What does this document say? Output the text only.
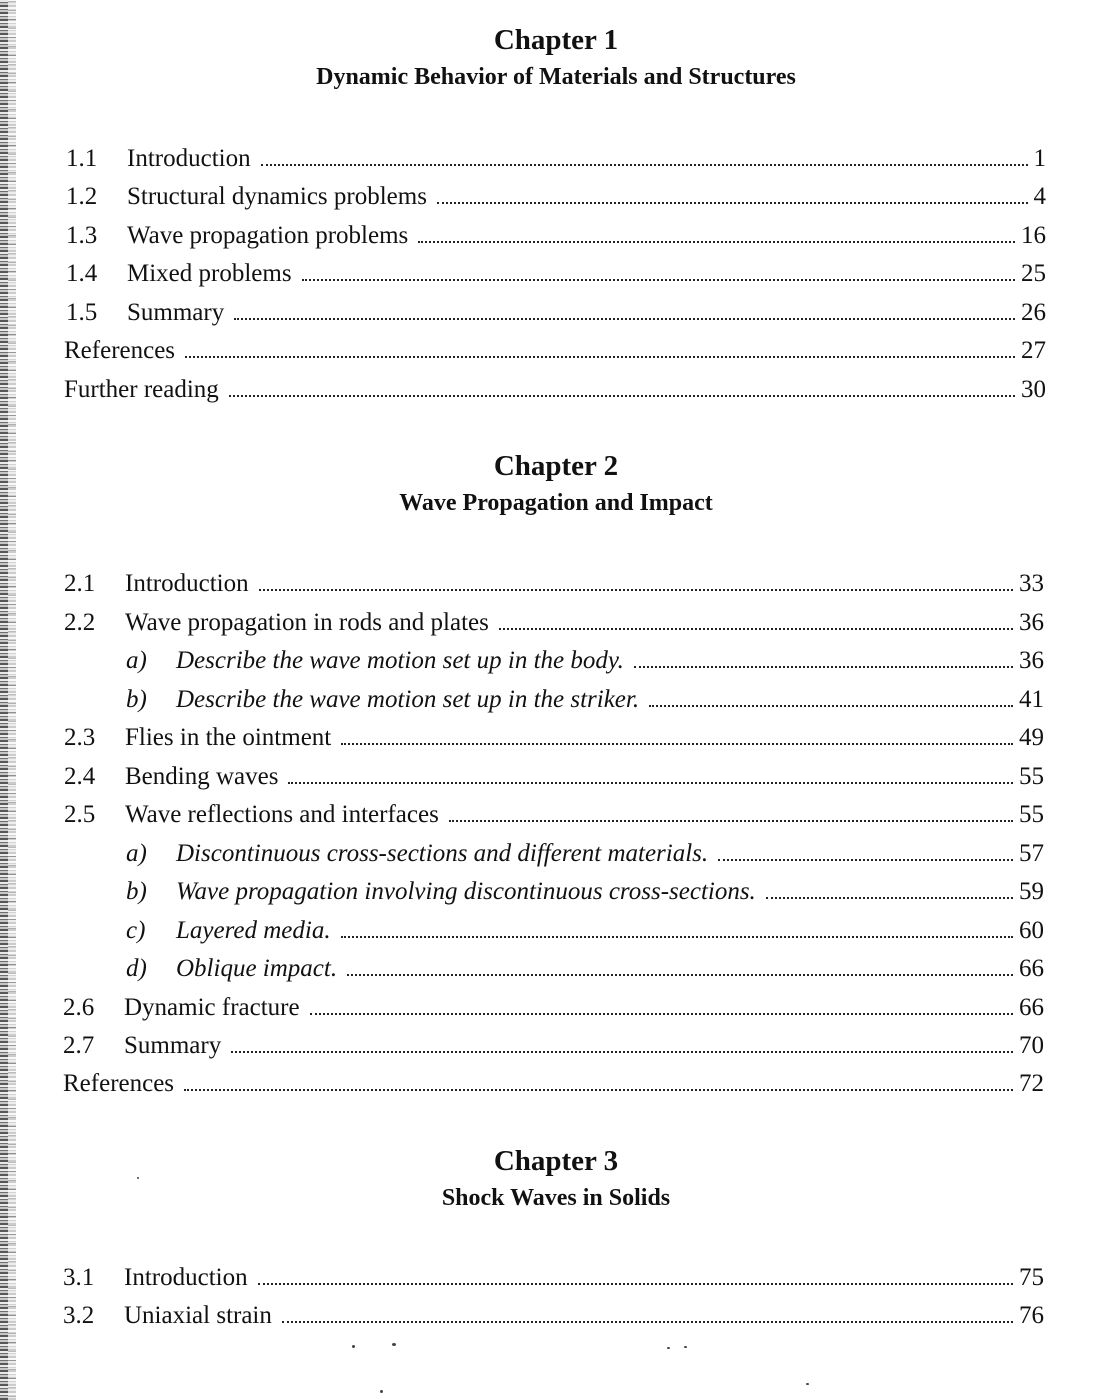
Chapter 1
Dynamic Behavior of Materials and Structures
1.1	Introduction	1
1.2	Structural dynamics problems	4
1.3	Wave propagation problems	16
1.4	Mixed problems	25
1.5	Summary	26
References	27
Further reading	30
Chapter 2
Wave Propagation and Impact
2.1	Introduction	33
2.2	Wave propagation in rods and plates	36
a)	Describe the wave motion set up in the body.	36
b)	Describe the wave motion set up in the striker.	41
2.3	Flies in the ointment	49
2.4	Bending waves	55
2.5	Wave reflections and interfaces	55
a)	Discontinuous cross-sections and different materials.	57
b)	Wave propagation involving discontinuous cross-sections.	59
c)	Layered media.	60
d)	Oblique impact.	66
2.6	Dynamic fracture	66
2.7	Summary	70
References	72
Chapter 3
Shock Waves in Solids
3.1	Introduction	75
3.2	Uniaxial strain	76
